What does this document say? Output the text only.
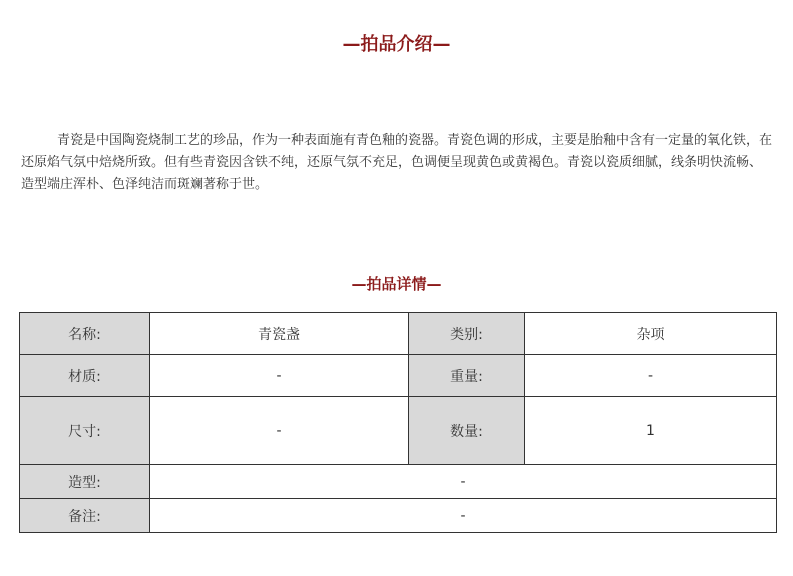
—拍品介绍—

青瓷是中国陶瓷烧制工艺的珍品，作为一种表面施有青色釉的瓷器。青瓷色调的形成，主要是胎釉中含有一定量的氧化铁，在还原焰气氛中焙烧所致。但有些青瓷因含铁不纯，还原气氛不充足，色调便呈现黄色或黄褐色。青瓷以瓷质细腻，线条明快流畅、造型端庄浑朴、色泽纯洁而斑斓著称于世。

—拍品详情—
名称:	青瓷盏	类别:	杂项
材质:	-	重量:	-
尺寸:	-	数量:	1
造型:	-		
备注:	-		
